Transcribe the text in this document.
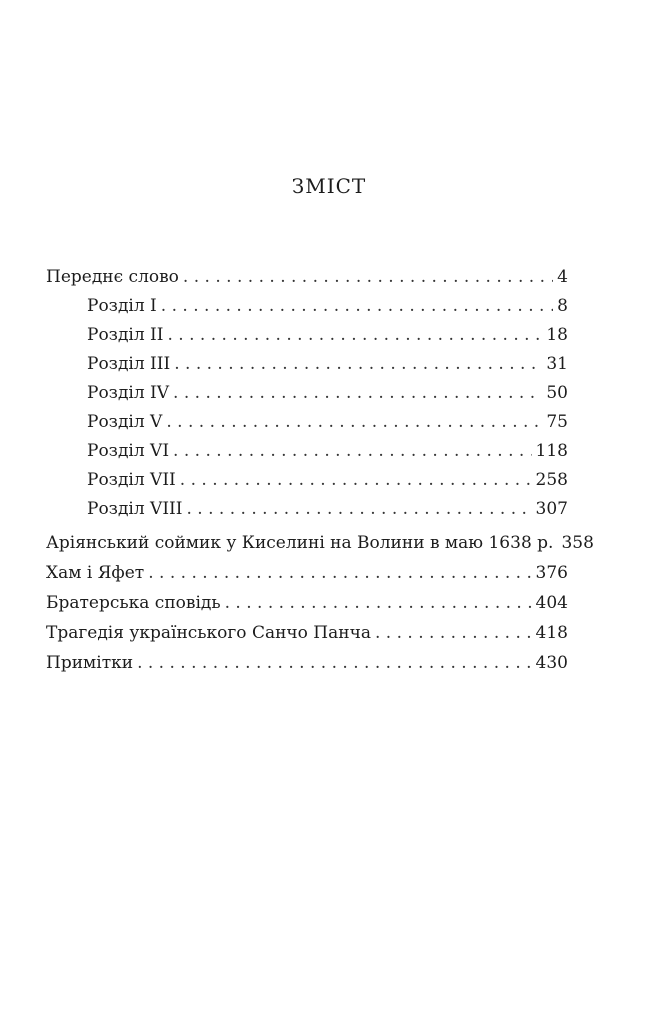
ЗМІСТ
Переднє слово . . .	4
Розділ І . . .	8
Розділ ІІ . . .	18
Розділ ІІІ . . .	31
Розділ IV . . .	50
Розділ V . . .	75
Розділ VI . . .	118
Розділ VII . . .	258
Розділ VIII . . .	307
Аріянський соймик у Киселині на Волини в маю 1638 р. 358
Хам і Яфет . . .	376
Братерська сповідь . . .	404
Трагедія українського Санчо Панча . . .	418
Примітки . . .	430
